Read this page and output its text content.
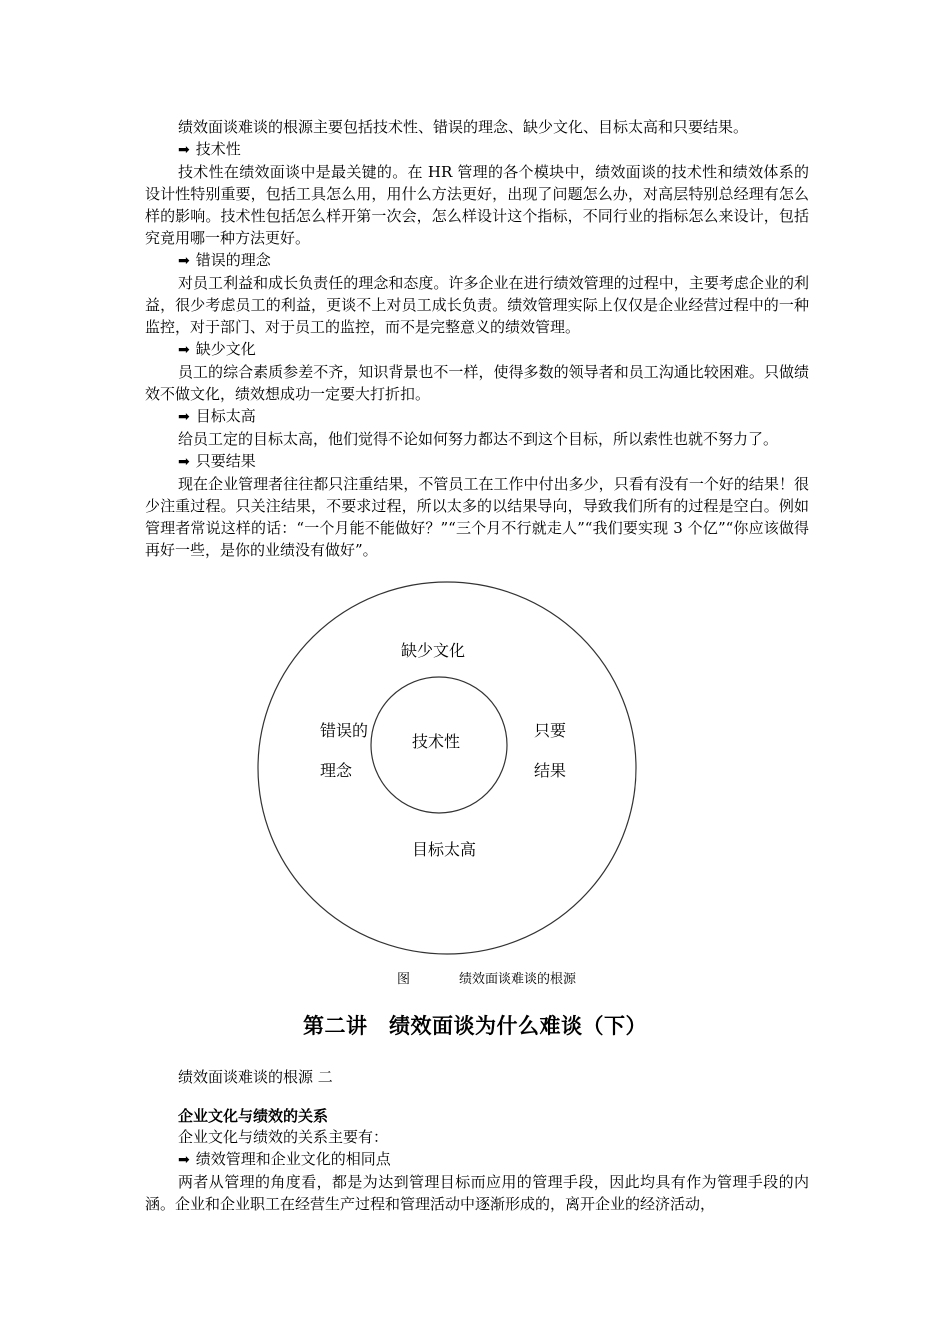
绩效面谈难谈的根源主要包括技术性、错误的理念、缺少文化、目标太高和只要结果。

➡ 技术性

技术性在绩效面谈中是最关键的。在 HR 管理的各个模块中，绩效面谈的技术性和绩效体系的设计性特别重要，包括工具怎么用，用什么方法更好，出现了问题怎么办，对高层特别总经理有怎么样的影响。技术性包括怎么样开第一次会，怎么样设计这个指标，不同行业的指标怎么来设计，包括究竟用哪一种方法更好。

➡ 错误的理念

对员工利益和成长负责任的理念和态度。许多企业在进行绩效管理的过程中，主要考虑企业的利益，很少考虑员工的利益，更谈不上对员工成长负责。绩效管理实际上仅仅是企业经营过程中的一种监控，对于部门、对于员工的监控，而不是完整意义的绩效管理。

➡ 缺少文化

员工的综合素质参差不齐，知识背景也不一样，使得多数的领导者和员工沟通比较困难。只做绩效不做文化，绩效想成功一定要大打折扣。

➡ 目标太高

给员工定的目标太高，他们觉得不论如何努力都达不到这个目标，所以索性也就不努力了。

➡ 只要结果

现在企业管理者往往都只注重结果，不管员工在工作中付出多少，只看有没有一个好的结果！很少注重过程。只关注结果，不要求过程，所以太多的以结果导向，导致我们所有的过程是空白。例如管理者常说这样的话：“一个月能不能做好？”“三个月不行就走人”“我们要实现 3 个亿”“你应该做得再好一些，是你的业绩没有做好”。

缺少文化
技术性
错误的
理念
只要
结果
目标太高
图	绩效面谈难谈的根源
第二讲　绩效面谈为什么难谈（下）
绩效面谈难谈的根源 二
企业文化与绩效的关系

企业文化与绩效的关系主要有：

➡ 绩效管理和企业文化的相同点

两者从管理的角度看，都是为达到管理目标而应用的管理手段，因此均具有作为管理手段的内涵。企业和企业职工在经营生产过程和管理活动中逐渐形成的，离开企业的经济活动，
